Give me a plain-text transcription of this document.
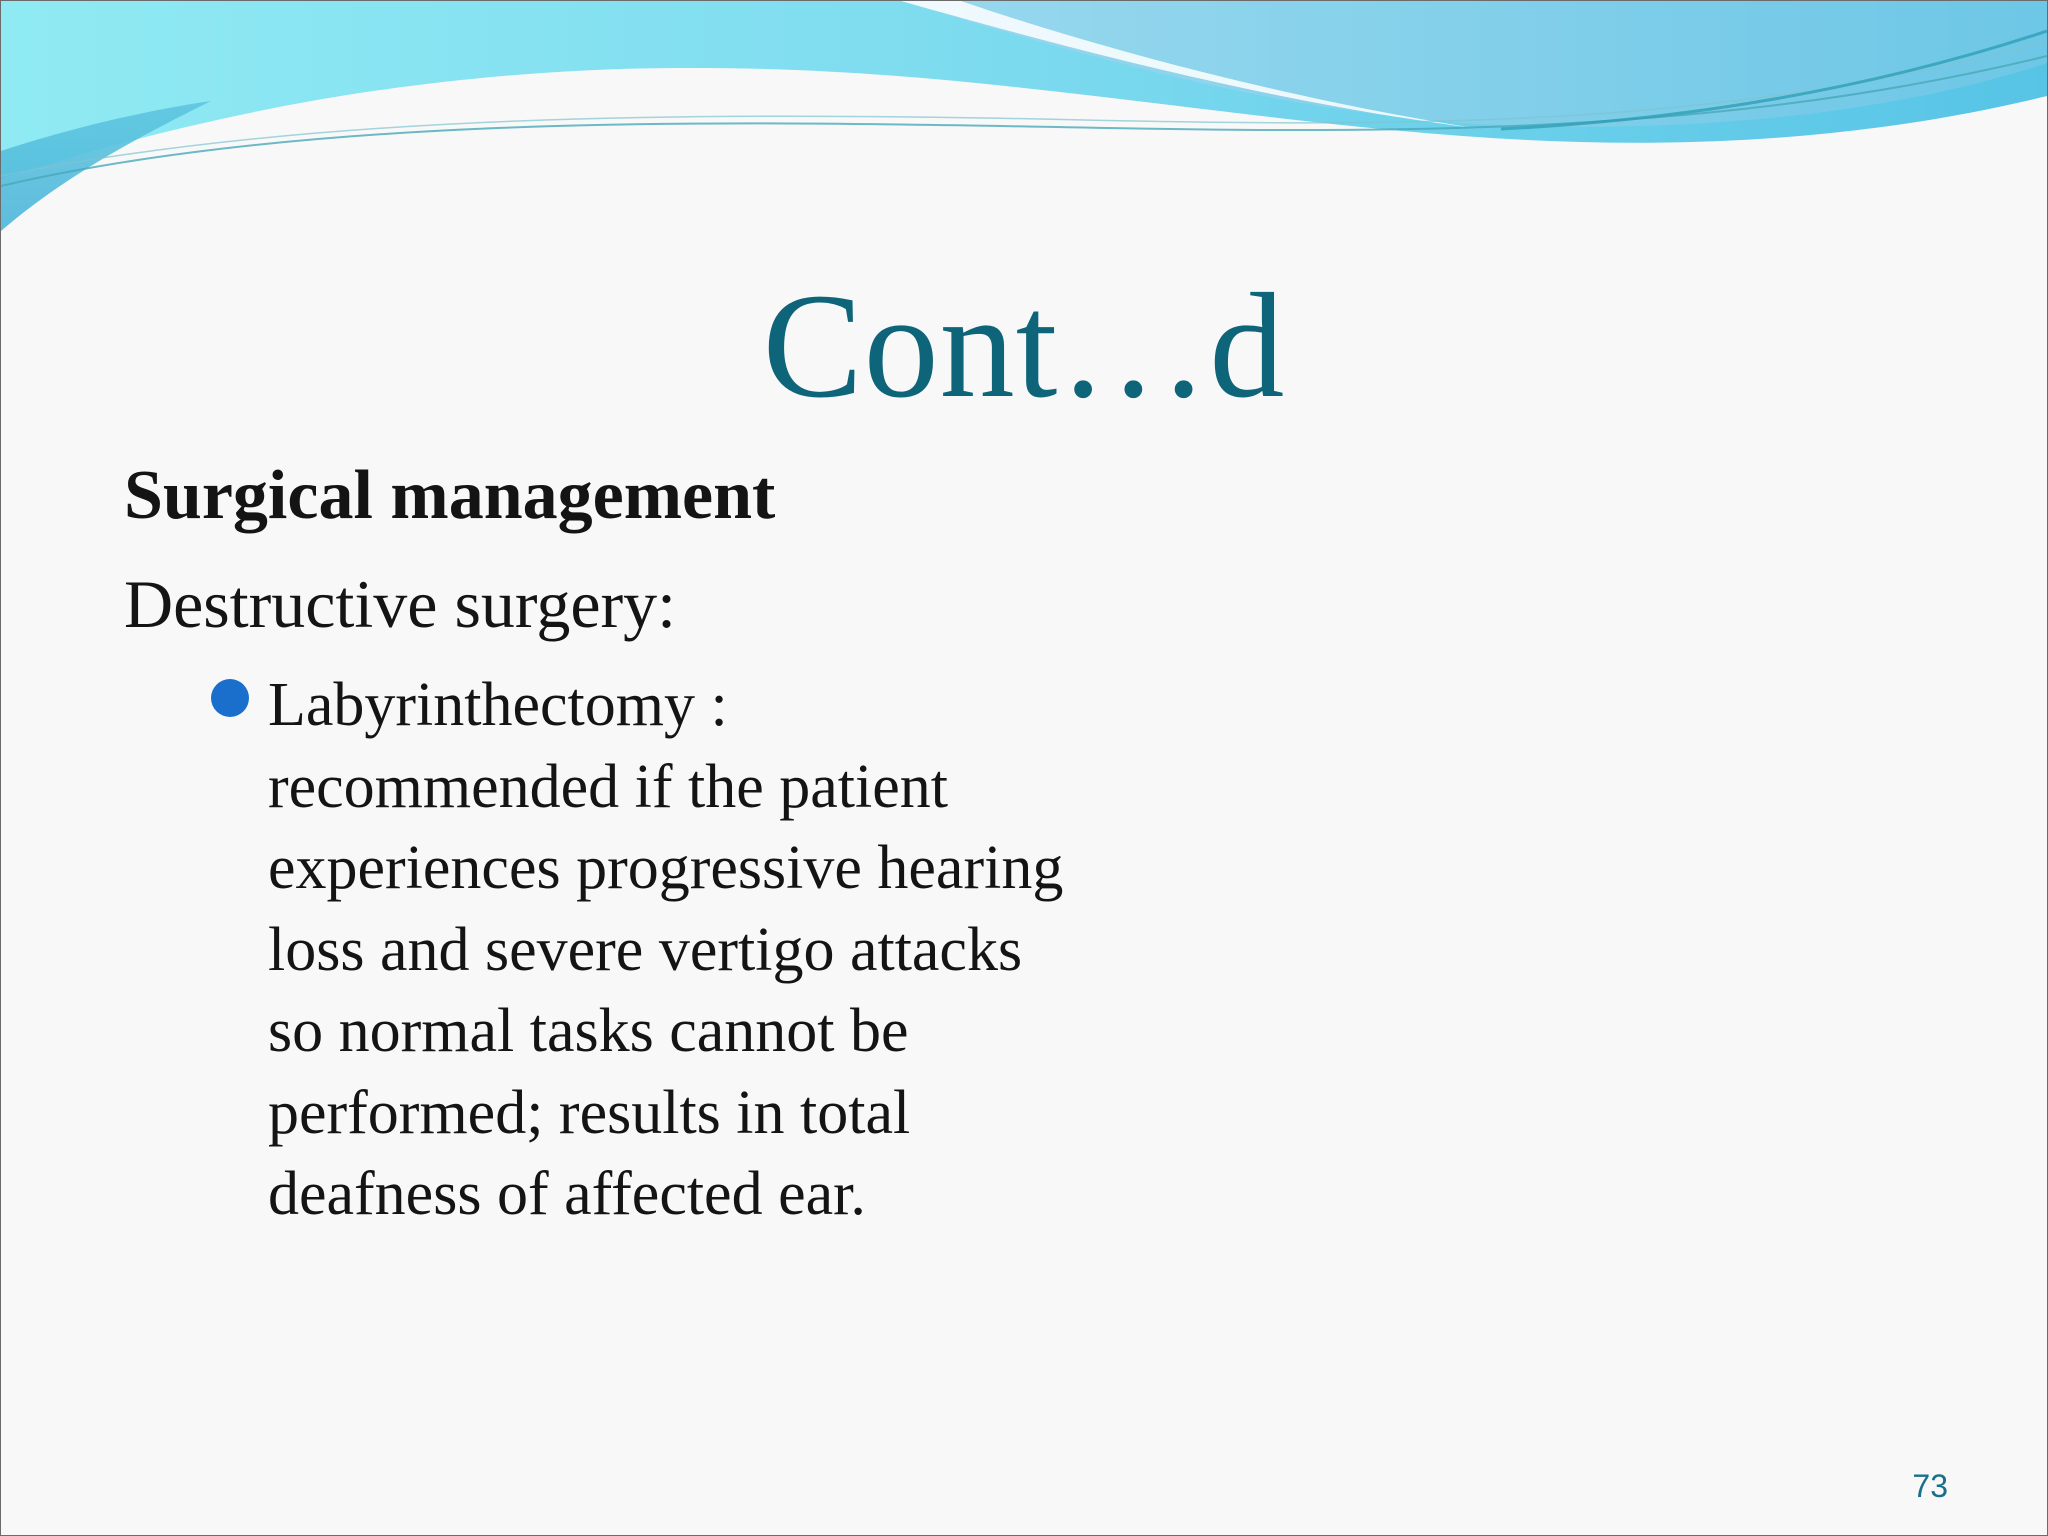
Cont…d
Surgical management
Destructive surgery:
Labyrinthectomy :
recommended if the patient
experiences progressive hearing
loss and severe vertigo attacks
so normal tasks cannot be
performed; results in total
deafness of affected ear.
73
